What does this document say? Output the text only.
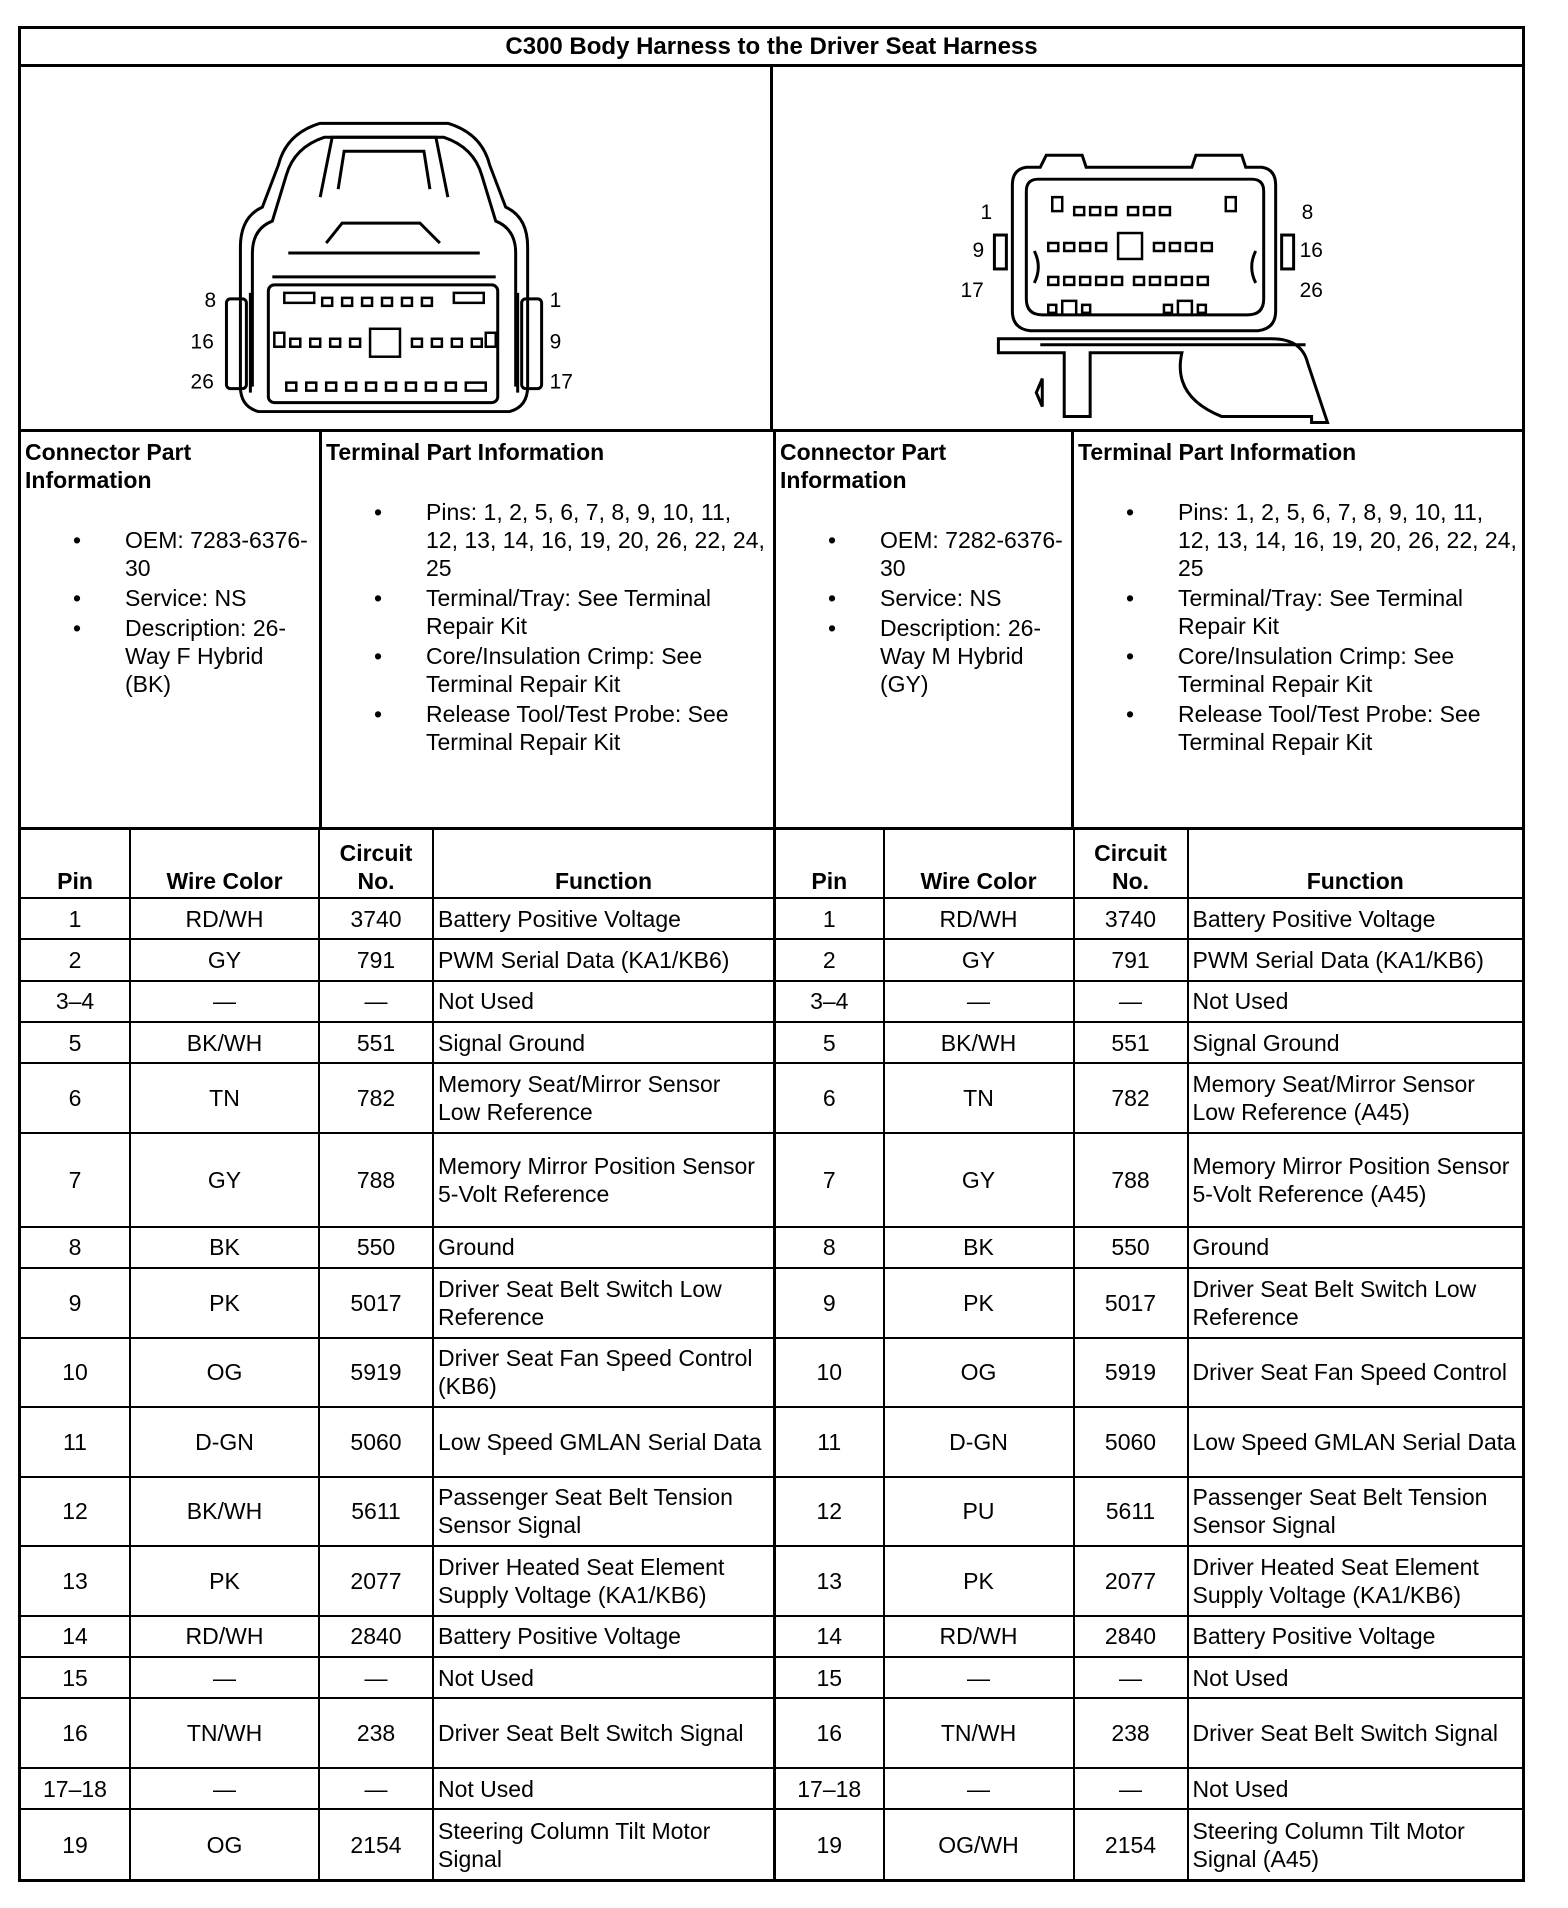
C300 Body Harness to the Driver Seat Harness
8
16
26
1
9
17
1
9
17
8
16
26
Connector Part Information
• OEM: 7283-6376-30
• Service: NS
• Description: 26-Way F Hybrid (BK)
Terminal Part Information
• Pins: 1, 2, 5, 6, 7, 8, 9, 10, 11, 12, 13, 14, 16, 19, 20, 26, 22, 24, 25
• Terminal/Tray: See Terminal Repair Kit
• Core/Insulation Crimp: See Terminal Repair Kit
• Release Tool/Test Probe: See Terminal Repair Kit
Connector Part Information
• OEM: 7282-6376-30
• Service: NS
• Description: 26-Way M Hybrid (GY)
Terminal Part Information
• Pins: 1, 2, 5, 6, 7, 8, 9, 10, 11, 12, 13, 14, 16, 19, 20, 26, 22, 24, 25
• Terminal/Tray: See Terminal Repair Kit
• Core/Insulation Crimp: See Terminal Repair Kit
• Release Tool/Test Probe: See Terminal Repair Kit
Pin	Wire Color	Circuit No.	Function
1	RD/WH	3740	Battery Positive Voltage
2	GY	791	PWM Serial Data (KA1/KB6)
3–4	—	—	Not Used
5	BK/WH	551	Signal Ground
6	TN	782	Memory Seat/Mirror Sensor Low Reference
7	GY	788	Memory Mirror Position Sensor 5-Volt Reference
8	BK	550	Ground
9	PK	5017	Driver Seat Belt Switch Low Reference
10	OG	5919	Driver Seat Fan Speed Control (KB6)
11	D-GN	5060	Low Speed GMLAN Serial Data
12	BK/WH	5611	Passenger Seat Belt Tension Sensor Signal
13	PK	2077	Driver Heated Seat Element Supply Voltage (KA1/KB6)
14	RD/WH	2840	Battery Positive Voltage
15	—	—	Not Used
16	TN/WH	238	Driver Seat Belt Switch Signal
17–18	—	—	Not Used
19	OG	2154	Steering Column Tilt Motor Signal
Pin	Wire Color	Circuit No.	Function
1	RD/WH	3740	Battery Positive Voltage
2	GY	791	PWM Serial Data (KA1/KB6)
3–4	—	—	Not Used
5	BK/WH	551	Signal Ground
6	TN	782	Memory Seat/Mirror Sensor Low Reference (A45)
7	GY	788	Memory Mirror Position Sensor 5-Volt Reference (A45)
8	BK	550	Ground
9	PK	5017	Driver Seat Belt Switch Low Reference
10	OG	5919	Driver Seat Fan Speed Control
11	D-GN	5060	Low Speed GMLAN Serial Data
12	PU	5611	Passenger Seat Belt Tension Sensor Signal
13	PK	2077	Driver Heated Seat Element Supply Voltage (KA1/KB6)
14	RD/WH	2840	Battery Positive Voltage
15	—	—	Not Used
16	TN/WH	238	Driver Seat Belt Switch Signal
17–18	—	—	Not Used
19	OG/WH	2154	Steering Column Tilt Motor Signal (A45)
